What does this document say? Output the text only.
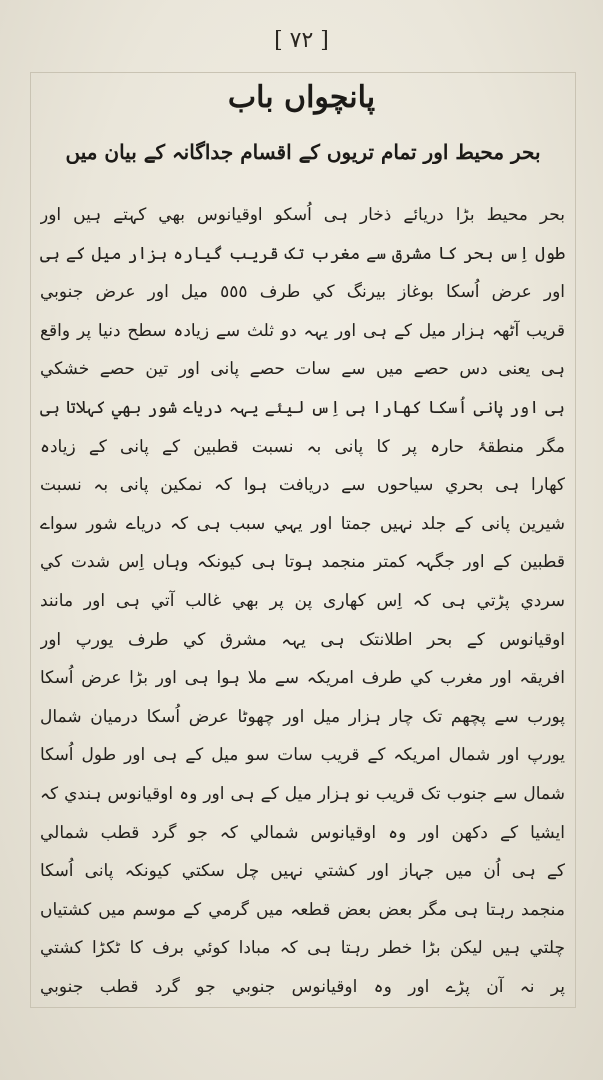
[ ٧٢ ]
پانچواں باب
بحر محیط اور تمام تریوں کے اقسام جداگانہ کے بیان میں
بحر محیط بڑا دریائے ذخار ہی اُسکو اوقیانوس بھي کہتے ہیں اور
طول اِس بحر کا مشرق سے مغرب تک قریب گیارہ ہزار میل کے ہی
اور عرض اُسکا بوغاز بیرنگ کي طرف ٥٥٥ میل اور عرض جنوبي
قریب آٹھہ ہزار میل کے ہی اور یہہ دو ثلث سے زیادہ سطح دنیا پر واقع
ہی یعنی دس حصے میں سے سات حصے پانی اور تین حصے خشکي
ہی اور پانی اُسکا کھارا ہی اِس لیئے یہہ دریاے شور بھي کہلاتا ہی
مگر منطقۂ حارہ پر کا پانی بہ نسبت قطبین کے پانی کے زیادہ
کھارا ہی بحري سیاحوں سے دریافت ہوا کہ نمکین پانی بہ نسبت
شیرین پانی کے جلد نہیں جمتا اور یہي سبب ہی کہ دریاے شور سواے
قطبین کے اور جگہہ کمتر منجمد ہوتا ہی کیونکہ وہاں اِس شدت کي
سردي پڑتي ہی کہ اِس کھاری پن پر بھي غالب آتي ہی اور مانند
اوقیانوس کے بحر اطلانتک ہی یہہ مشرق کي طرف یورپ اور
افریقہ اور مغرب کي طرف امریکہ سے ملا ہوا ہی اور بڑا عرض اُسکا
پورب سے پچھم تک چار ہزار میل اور چھوٹا عرض اُسکا درمیان شمال
یورپ اور شمال امریکہ کے قریب سات سو میل کے ہی اور طول اُسکا
شمال سے جنوب تک قریب نو ہزار میل کے ہی اور وہ اوقیانوس ہندي کہ
ایشیا کے دکھن اور وہ اوقیانوس شمالي کہ جو گرد قطب شمالي
کے ہی اُن میں جہاز اور کشتي نہیں چل سکتي کیونکہ پانی اُسکا
منجمد رہتا ہی مگر بعض بعض قطعہ میں گرمي کے موسم میں کشتیاں
چلتي ہیں لیکن بڑا خطر رہتا ہی کہ مبادا کوئي برف کا ٹکڑا کشتي
پر نہ آن پڑے اور وہ اوقیانوس جنوبي جو گرد قطب جنوبي
